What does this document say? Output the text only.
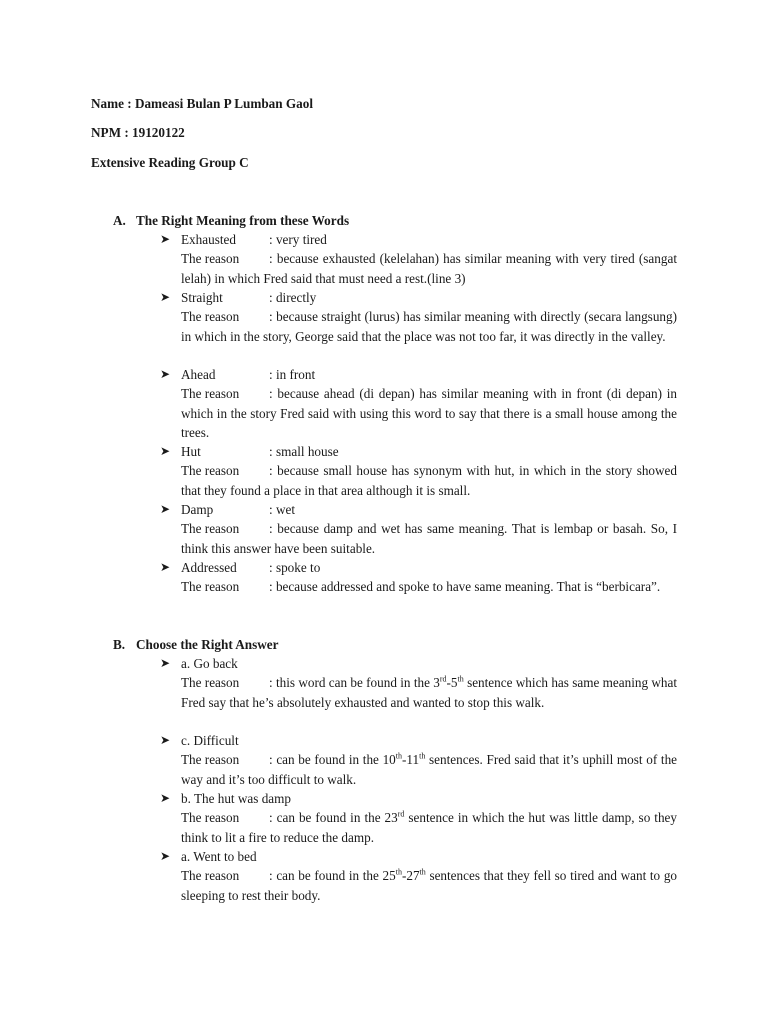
Name : Dameasi Bulan P Lumban Gaol
NPM : 19120122
Extensive Reading Group C
A. The Right Meaning from these Words
➤ Exhausted	: very tired
The reason : because exhausted (kelelahan) has similar meaning with very tired (sangat lelah) in which Fred said that must need a rest.(line 3)
➤ Straight	: directly
The reason : because straight (lurus) has similar meaning with directly (secara langsung) in which in the story, George said that the place was not too far, it was directly in the valley.
➤ Ahead	: in front
The reason : because ahead (di depan) has similar meaning with in front (di depan) in which in the story Fred said with using this word to say that there is a small house among the trees.
➤ Hut	: small house
The reason : because small house has synonym with hut, in which in the story showed that they found a place in that area although it is small.
➤ Damp	: wet
The reason : because damp and wet has same meaning. That is lembap or basah. So, I think this answer have been suitable.
➤ Addressed : spoke to
The reason : because addressed and spoke to have same meaning. That is “berbicara”.
B. Choose the Right Answer
➤ a. Go back
The reason : this word can be found in the 3rd-5th sentence which has same meaning what Fred say that he’s absolutely exhausted and wanted to stop this walk.
➤ c. Difficult
The reason : can be found in the 10th-11th sentences. Fred said that it’s uphill most of the way and it’s too difficult to walk.
➤ b. The hut was damp
The reason : can be found in the 23rd sentence in which the hut was little damp, so they think to lit a fire to reduce the damp.
➤ a. Went to bed
The reason : can be found in the 25th-27th sentences that they fell so tired and want to go sleeping to rest their body.
